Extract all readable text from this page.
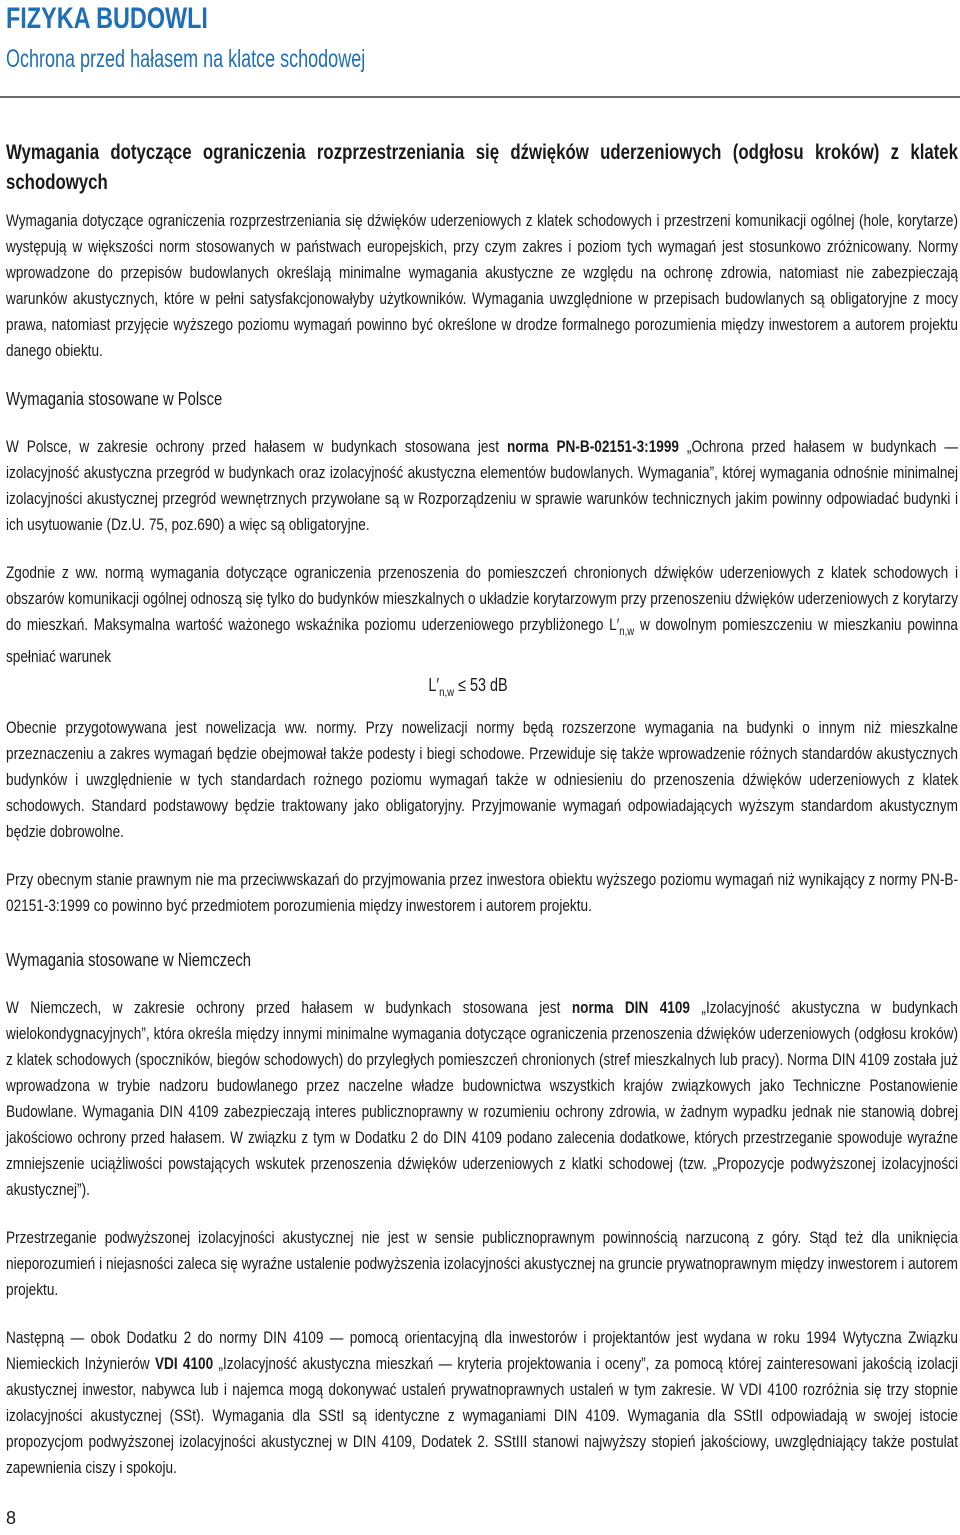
FIZYKA BUDOWLI
Ochrona przed hałasem na klatce schodowej

Wymagania dotyczące ograniczenia rozprzestrzeniania się dźwięków uderzeniowych (odgłosu kroków) z klatek schodowych

Wymagania dotyczące ograniczenia rozprzestrzeniania się dźwięków uderzeniowych z klatek schodowych i przestrzeni komunikacji ogólnej (hole, korytarze) występują w większości norm stosowanych w państwach europejskich, przy czym zakres i poziom tych wymagań jest stosunkowo zróżnicowany. Normy wprowadzone do przepisów budowlanych określają minimalne wymagania akustyczne ze względu na ochronę zdrowia, natomiast nie zabezpieczają warunków akustycznych, które w pełni satysfakcjonowałyby użytkowników. Wymagania uwzględnione w przepisach budowlanych są obligatoryjne z mocy prawa, natomiast przyjęcie wyższego poziomu wymagań powinno być określone w drodze formalnego porozumienia między inwestorem a autorem projektu danego obiektu.

Wymagania stosowane w Polsce

W Polsce, w zakresie ochrony przed hałasem w budynkach stosowana jest norma PN-B-02151-3:1999 „Ochrona przed hałasem w budynkach — izolacyjność akustyczna przegród w budynkach oraz izolacyjność akustyczna elementów budowlanych. Wymagania”, której wymagania odnośnie minimalnej izolacyjności akustycznej przegród wewnętrznych przywołane są w Rozporządzeniu w sprawie warunków technicznych jakim powinny odpowiadać budynki i ich usytuowanie (Dz.U. 75, poz.690) a więc są obligatoryjne.

Zgodnie z ww. normą wymagania dotyczące ograniczenia przenoszenia do pomieszczeń chronionych dźwięków uderzeniowych z klatek schodowych i obszarów komunikacji ogólnej odnoszą się tylko do budynków mieszkalnych o układzie korytarzowym przy przenoszeniu dźwięków uderzeniowych z korytarzy do mieszkań. Maksymalna wartość ważonego wskaźnika poziomu uderzeniowego przybliżonego $L'_{n,w}$ w dowolnym pomieszczeniu w mieszkaniu powinna spełniać warunek

$L'_{n,w} \le 53$ dB

Obecnie przygotowywana jest nowelizacja ww. normy. Przy nowelizacji normy będą rozszerzone wymagania na budynki o innym niż mieszkalne przeznaczeniu a zakres wymagań będzie obejmował także podesty i biegi schodowe. Przewiduje się także wprowadzenie różnych standardów akustycznych budynków i uwzględnienie w tych standardach rożnego poziomu wymagań także w odniesieniu do przenoszenia dźwięków uderzeniowych z klatek schodowych. Standard podstawowy będzie traktowany jako obligatoryjny. Przyjmowanie wymagań odpowiadających wyższym standardom akustycznym będzie dobrowolne.

Przy obecnym stanie prawnym nie ma przeciwwskazań do przyjmowania przez inwestora obiektu wyższego poziomu wymagań niż wynikający z normy PN-B-02151-3:1999 co powinno być przedmiotem porozumienia między inwestorem i autorem projektu.

Wymagania stosowane w Niemczech

W Niemczech, w zakresie ochrony przed hałasem w budynkach stosowana jest norma DIN 4109 „Izolacyjność akustyczna w budynkach wielokondygnacyjnych”, która określa między innymi minimalne wymagania dotyczące ograniczenia przenoszenia dźwięków uderzeniowych (odgłosu kroków) z klatek schodowych (spoczników, biegów schodowych) do przyległych pomieszczeń chronionych (stref mieszkalnych lub pracy). Norma DIN 4109 została już wprowadzona w trybie nadzoru budowlanego przez naczelne władze budownictwa wszystkich krajów związkowych jako Techniczne Postanowienie Budowlane. Wymagania DIN 4109 zabezpieczają interes publicznoprawny w rozumieniu ochrony zdrowia, w żadnym wypadku jednak nie stanowią dobrej jakościowo ochrony przed hałasem. W związku z tym w Dodatku 2 do DIN 4109 podano zalecenia dodatkowe, których przestrzeganie spowoduje wyraźne zmniejszenie uciążliwości powstających wskutek przenoszenia dźwięków uderzeniowych z klatki schodowej (tzw. „Propozycje podwyższonej izolacyjności akustycznej”).

Przestrzeganie podwyższonej izolacyjności akustycznej nie jest w sensie publicznoprawnym powinnością narzuconą z góry. Stąd też dla uniknięcia nieporozumień i niejasności zaleca się wyraźne ustalenie podwyższenia izolacyjności akustycznej na gruncie prywatnoprawnym między inwestorem i autorem projektu.

Następną — obok Dodatku 2 do normy DIN 4109 — pomocą orientacyjną dla inwestorów i projektantów jest wydana w roku 1994 Wytyczna Związku Niemieckich Inżynierów VDI 4100 „Izolacyjność akustyczna mieszkań — kryteria projektowania i oceny”, za pomocą której zainteresowani jakością izolacji akustycznej inwestor, nabywca lub i najemca mogą dokonywać ustaleń prywatnoprawnych ustaleń w tym zakresie. W VDI 4100 rozróżnia się trzy stopnie izolacyjności akustycznej (SSt). Wymagania dla SStI są identyczne z wymaganiami DIN 4109. Wymagania dla SStII odpowiadają w swojej istocie propozycjom podwyższonej izolacyjności akustycznej w DIN 4109, Dodatek 2. SStIII stanowi najwyższy stopień jakościowy, uwzględniający także postulat zapewnienia ciszy i spokoju.

8
